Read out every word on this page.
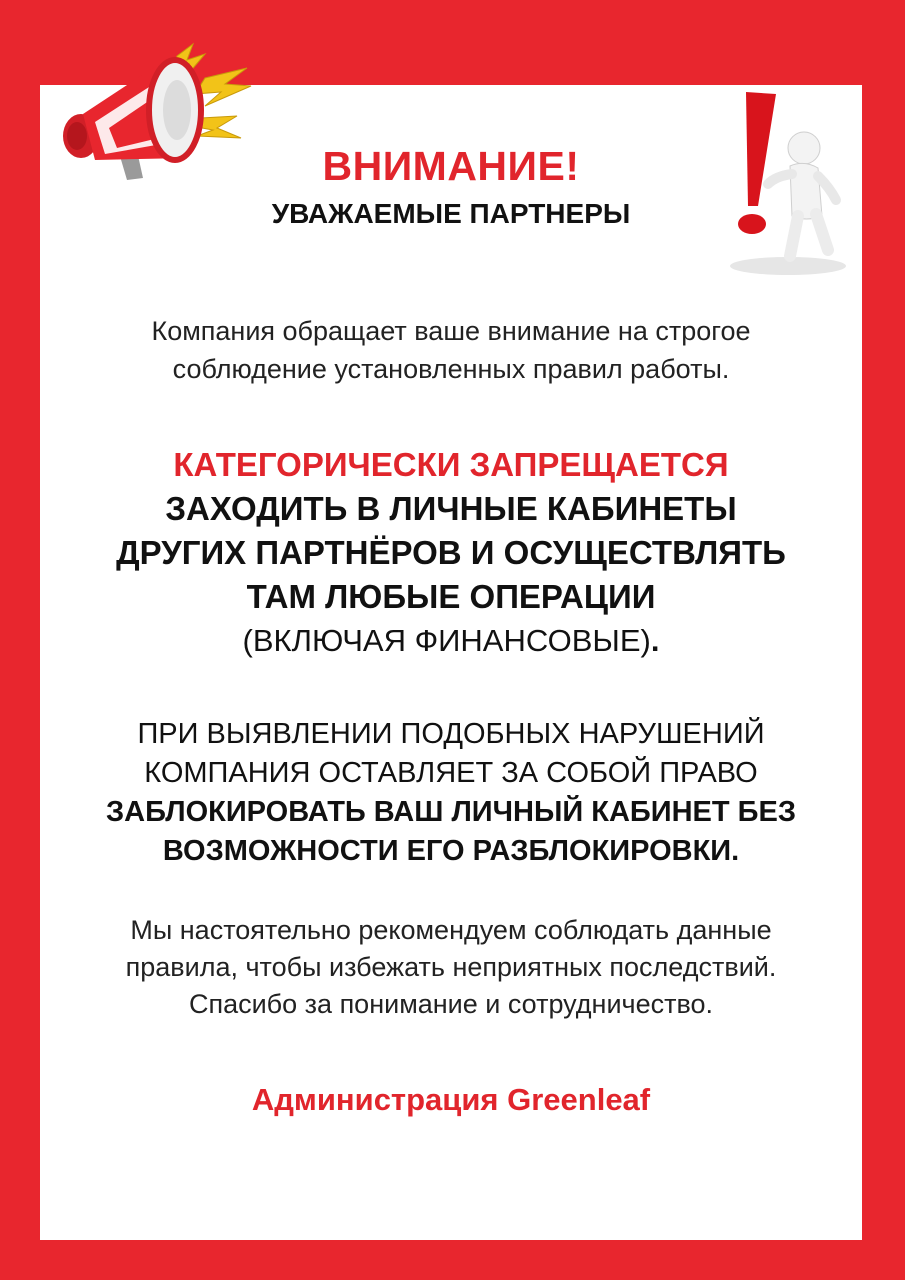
ВНИМАНИЕ!
УВАЖАЕМЫЕ ПАРТНЕРЫ
Компания обращает ваше внимание на строгое
соблюдение установленных правил работы.
КАТЕГОРИЧЕСКИ ЗАПРЕЩАЕТСЯ
ЗАХОДИТЬ В ЛИЧНЫЕ КАБИНЕТЫ
ДРУГИХ ПАРТНЁРОВ И ОСУЩЕСТВЛЯТЬ
ТАМ ЛЮБЫЕ ОПЕРАЦИИ
(ВКЛЮЧАЯ ФИНАНСОВЫЕ).
ПРИ ВЫЯВЛЕНИИ ПОДОБНЫХ НАРУШЕНИЙ
КОМПАНИЯ ОСТАВЛЯЕТ ЗА СОБОЙ ПРАВО
ЗАБЛОКИРОВАТЬ ВАШ ЛИЧНЫЙ КАБИНЕТ БЕЗ
ВОЗМОЖНОСТИ ЕГО РАЗБЛОКИРОВКИ.
Мы настоятельно рекомендуем соблюдать данные
правила, чтобы избежать неприятных последствий.
Спасибо за понимание и сотрудничество.
Администрация Greenleaf
